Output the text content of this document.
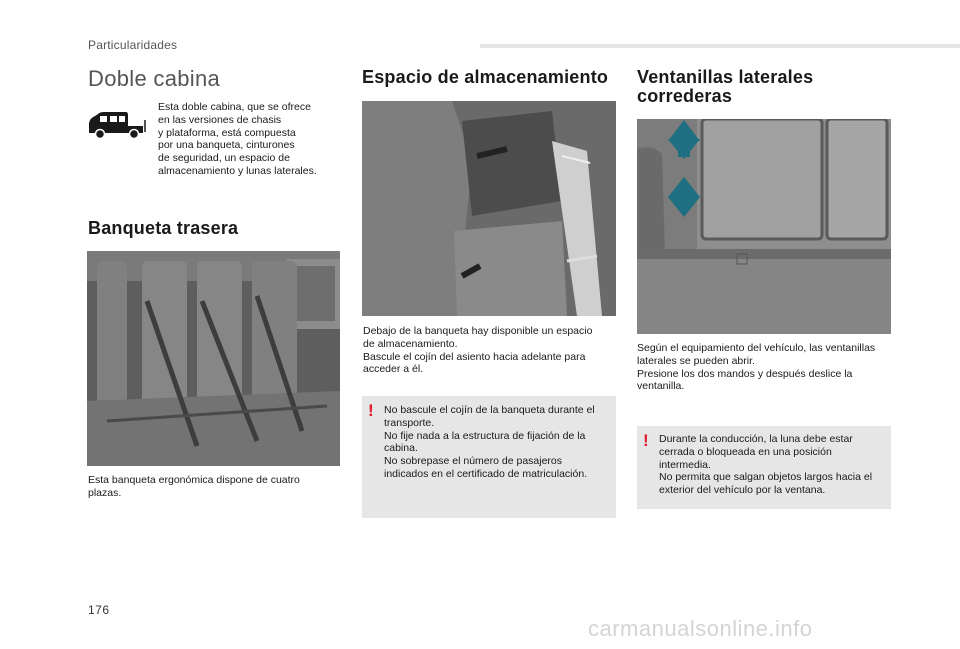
Particularidades
Doble cabina
Esta doble cabina, que se ofrece
en las versiones de chasis
y plataforma, está compuesta
por una banqueta, cinturones
de seguridad, un espacio de
almacenamiento y lunas laterales.
Banqueta trasera
Esta banqueta ergonómica dispone de cuatro
plazas.
Espacio de almacenamiento
Debajo de la banqueta hay disponible un espacio
de almacenamiento.
Bascule el cojín del asiento hacia adelante para
acceder a él.
! No bascule el cojín de la banqueta durante el
transporte.
No fije nada a la estructura de fijación de la
cabina.
No sobrepase el número de pasajeros
indicados en el certificado de matriculación.
Ventanillas laterales
correderas
Según el equipamiento del vehículo, las ventanillas
laterales se pueden abrir.
Presione los dos mandos y después deslice la
ventanilla.
! Durante la conducción, la luna debe estar
cerrada o bloqueada en una posición
intermedia.
No permita que salgan objetos largos hacia el
exterior del vehículo por la ventana.
176
carmanualsonline.info
